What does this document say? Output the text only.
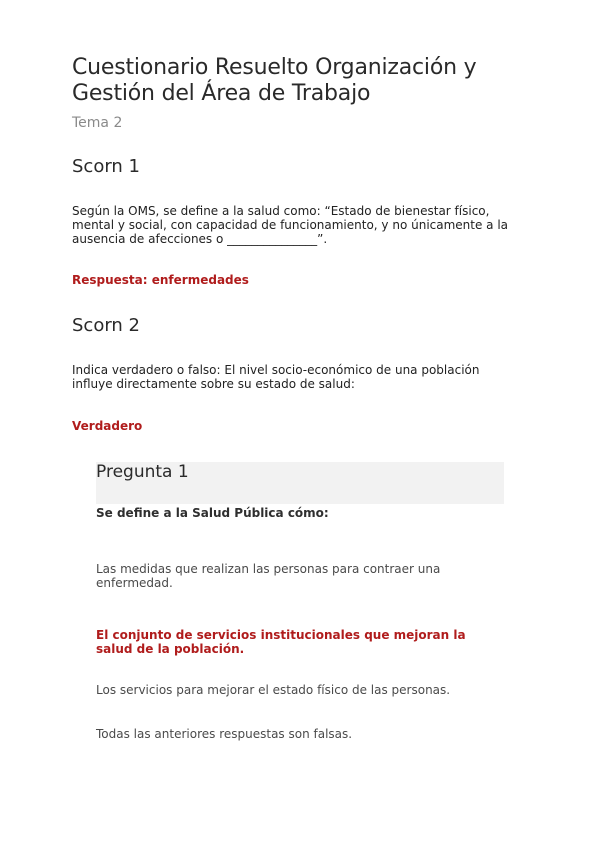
Cuestionario Resuelto Organización y Gestión del Área de Trabajo

Tema 2

Scorn 1

Según la OMS, se define a la salud como: “Estado de bienestar físico, mental y social, con capacidad de funcionamiento, y no únicamente a la ausencia de afecciones o _______________”.

Respuesta: enfermedades

Scorn 2

Indica verdadero o falso: El nivel socio-económico de una población influye directamente sobre su estado de salud:

Verdadero

Pregunta 1

Se define a la Salud Pública cómo:

Las medidas que realizan las personas para contraer una enfermedad.

El conjunto de servicios institucionales que mejoran la salud de la población.

Los servicios para mejorar el estado físico de las personas.

Todas las anteriores respuestas son falsas.
